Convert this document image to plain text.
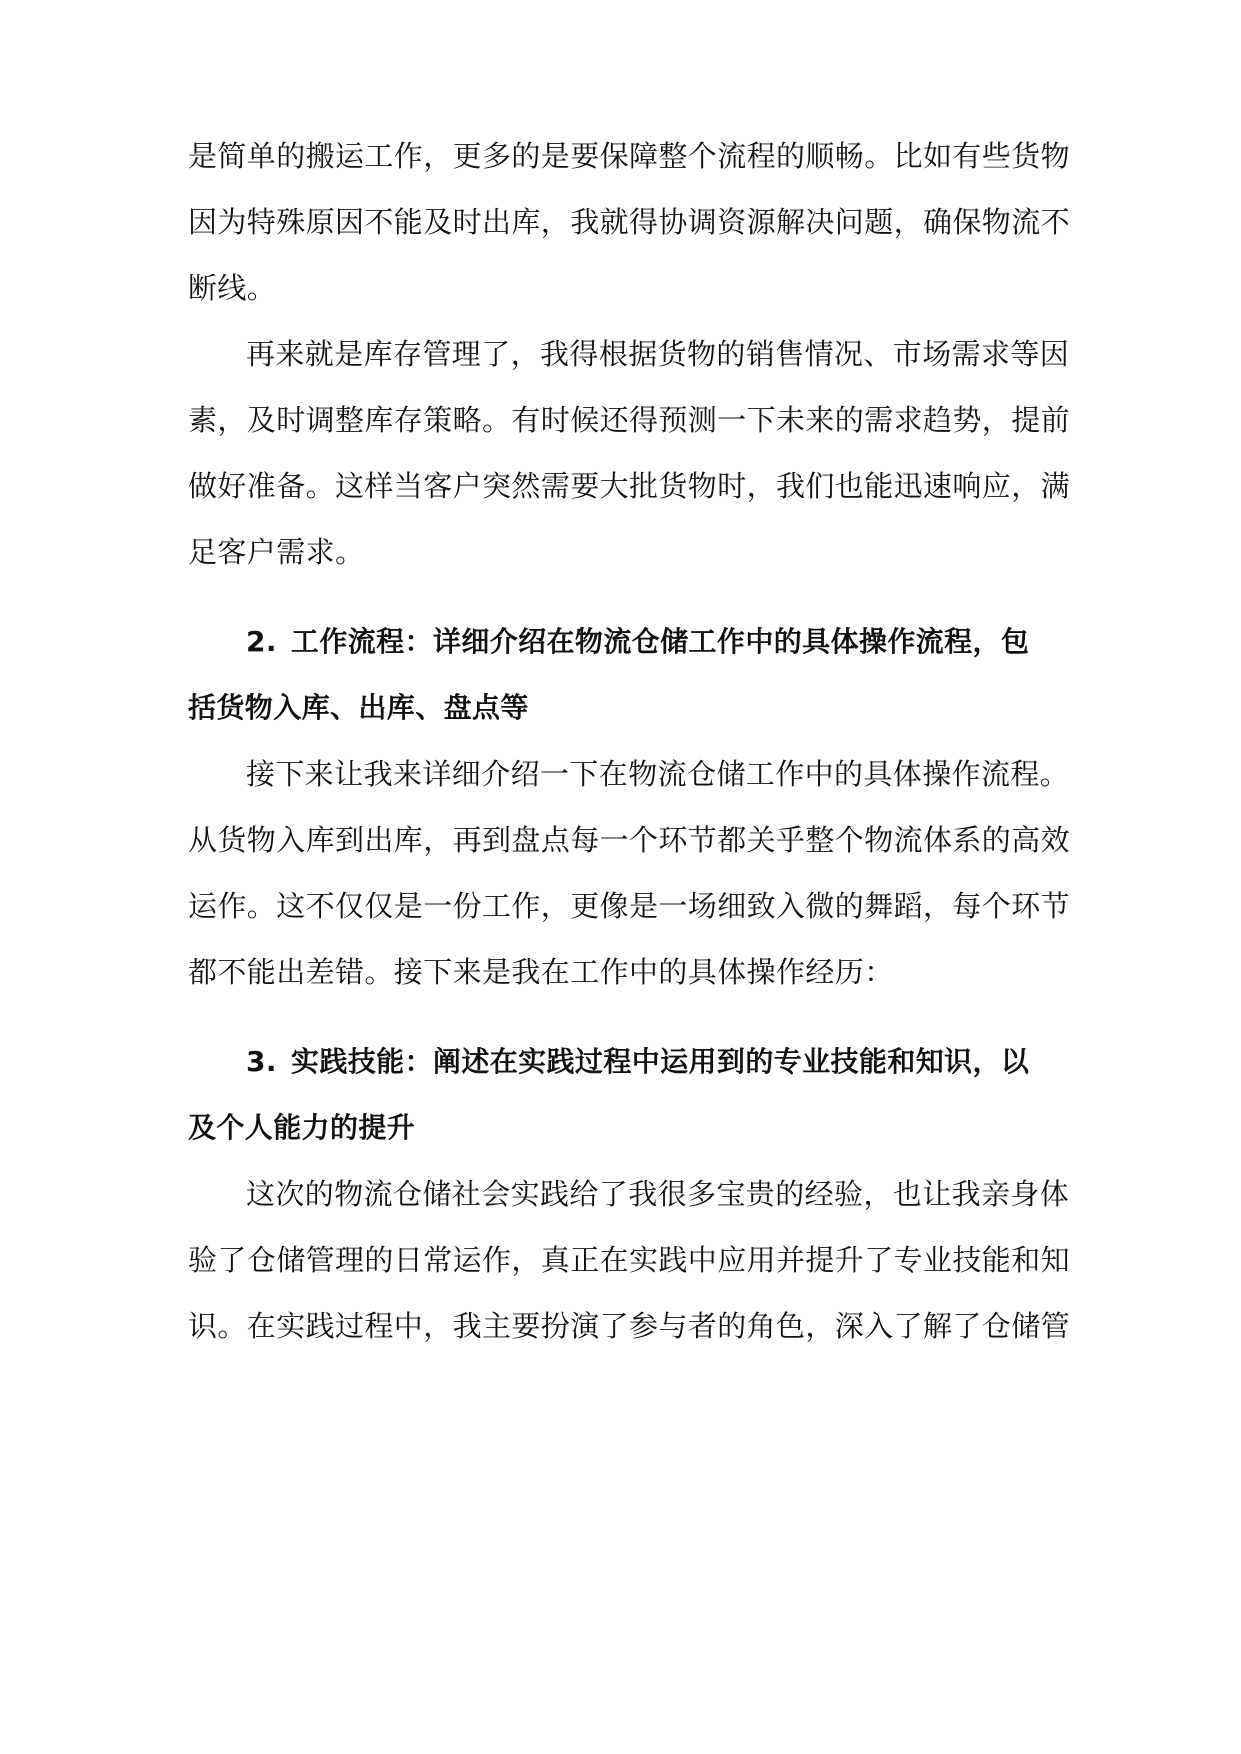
是简单的搬运工作，更多的是要保障整个流程的顺畅。比如有些货物
因为特殊原因不能及时出库，我就得协调资源解决问题，确保物流不
断线。
再来就是库存管理了，我得根据货物的销售情况、市场需求等因
素，及时调整库存策略。有时候还得预测一下未来的需求趋势，提前
做好准备。这样当客户突然需要大批货物时，我们也能迅速响应，满
足客户需求。
2. 工作流程：详细介绍在物流仓储工作中的具体操作流程，包
括货物入库、出库、盘点等
接下来让我来详细介绍一下在物流仓储工作中的具体操作流程。
从货物入库到出库，再到盘点每一个环节都关乎整个物流体系的高效
运作。这不仅仅是一份工作，更像是一场细致入微的舞蹈，每个环节
都不能出差错。接下来是我在工作中的具体操作经历：
3. 实践技能：阐述在实践过程中运用到的专业技能和知识，以
及个人能力的提升
这次的物流仓储社会实践给了我很多宝贵的经验，也让我亲身体
验了仓储管理的日常运作，真正在实践中应用并提升了专业技能和知
识。在实践过程中，我主要扮演了参与者的角色，深入了解了仓储管
